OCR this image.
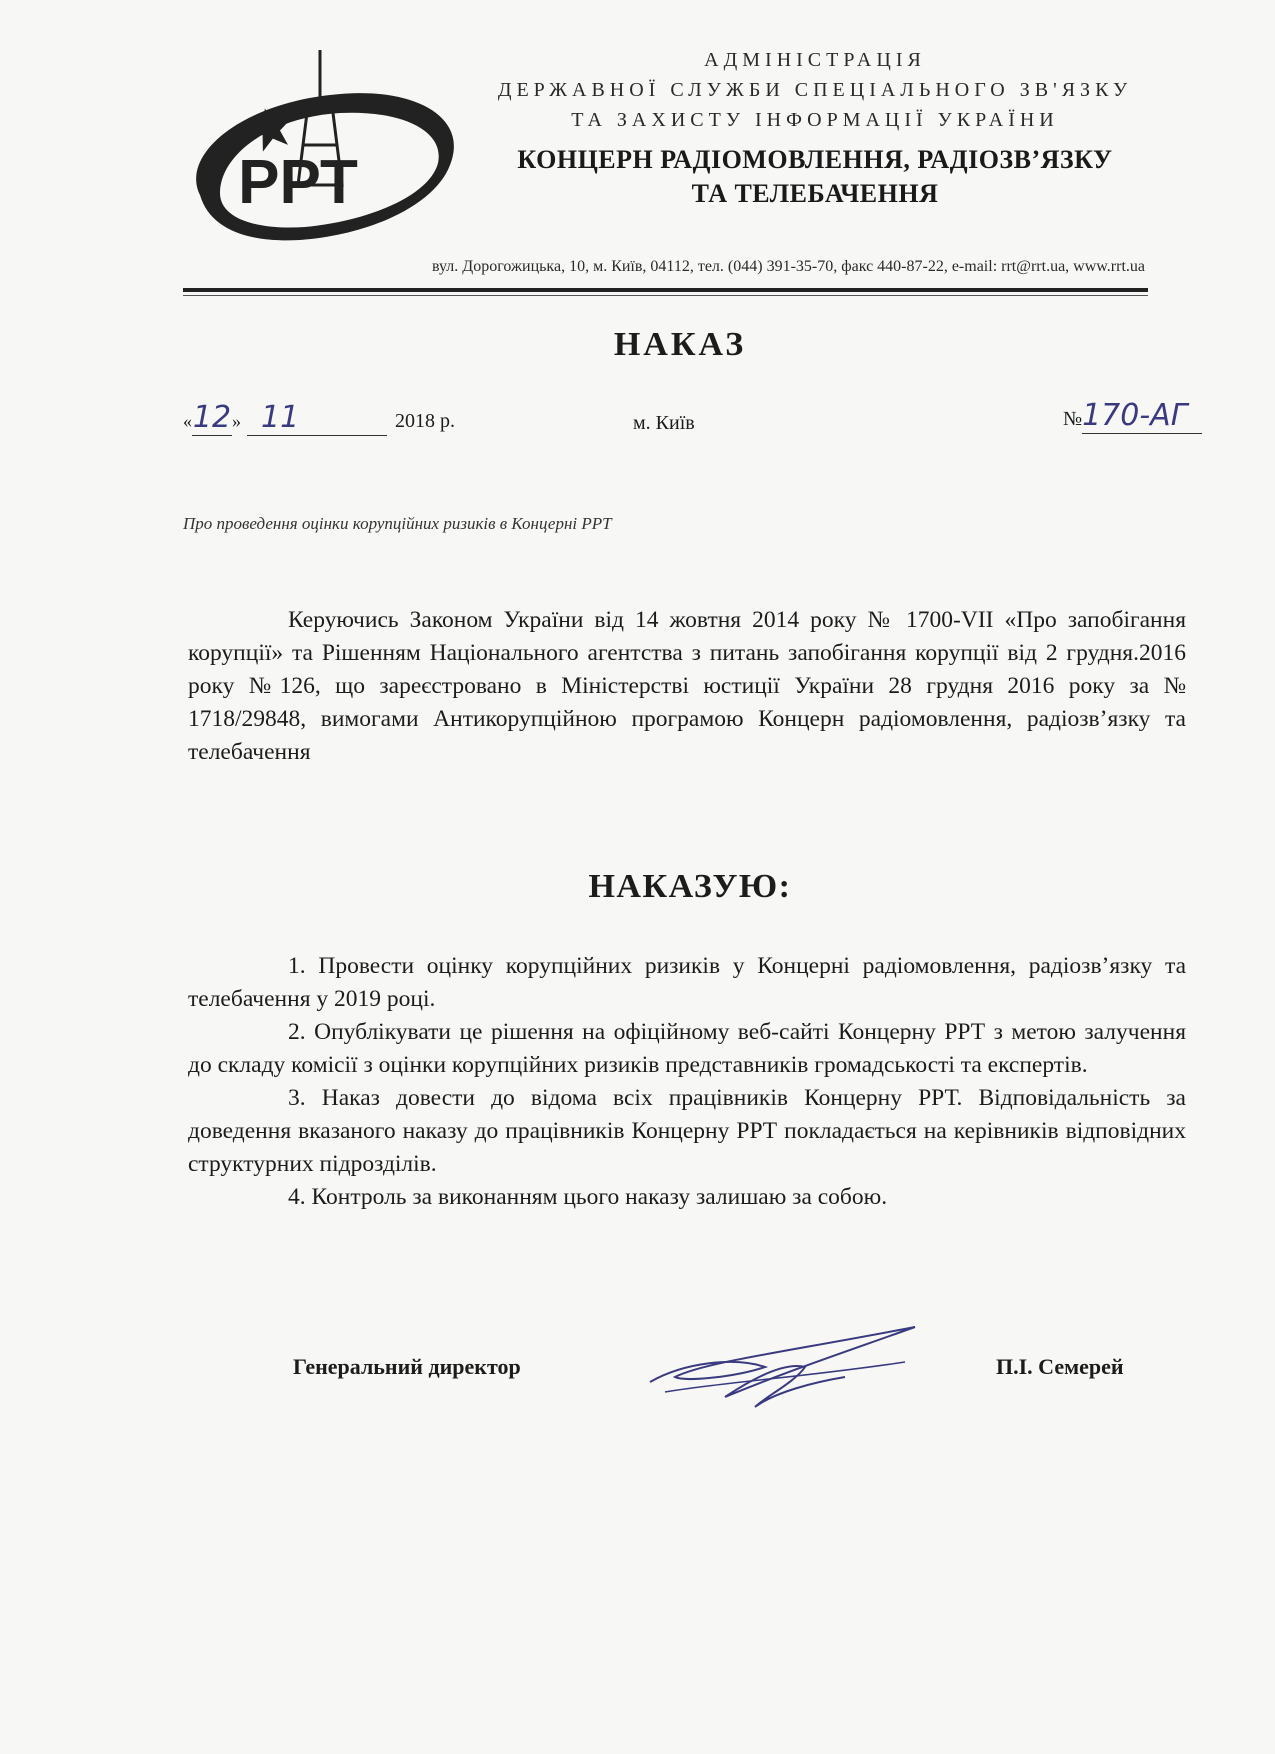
РРТ
АДМІНІСТРАЦІЯ
ДЕРЖАВНОЇ СЛУЖБИ СПЕЦІАЛЬНОГО ЗВ'ЯЗКУ
ТА ЗАХИСТУ ІНФОРМАЦІЇ УКРАЇНИ
КОНЦЕРН РАДІОМОВЛЕННЯ, РАДІОЗВ’ЯЗКУ
ТА ТЕЛЕБАЧЕННЯ
вул. Дорогожицька, 10, м. Київ, 04112, тел. (044) 391-35-70, факс 440-87-22, e-mail: rrt@rrt.ua, www.rrt.ua
НАКАЗ
«12» 11	2018 р.	м. Київ	№170-АГ
Про проведення оцінки корупційних ризиків в Концерні РРТ
Керуючись Законом України від 14 жовтня 2014 року № 1700-VII «Про запобігання корупції» та Рішенням Національного агентства з питань запобігання корупції від 2 грудня.2016 року №126, що зареєстровано в Міністерстві юстиції України 28 грудня 2016 року за № 1718/29848, вимогами Антикорупційною програмою Концерн радіомовлення, радіозв’язку та телебачення
НАКАЗУЮ:

1. Провести оцінку корупційних ризиків у Концерні радіомовлення, радіозв’язку та телебачення у 2019 році.

2. Опублікувати це рішення на офіційному веб-сайті Концерну РРТ з метою залучення до складу комісії з оцінки корупційних ризиків представників громадськості та експертів.

3. Наказ довести до відома всіх працівників Концерну РРТ. Відповідальність за доведення вказаного наказу до працівників Концерну РРТ покладається на керівників відповідних структурних підрозділів.

4. Контроль за виконанням цього наказу залишаю за собою.

Генеральний директор	П.І. Семерей
